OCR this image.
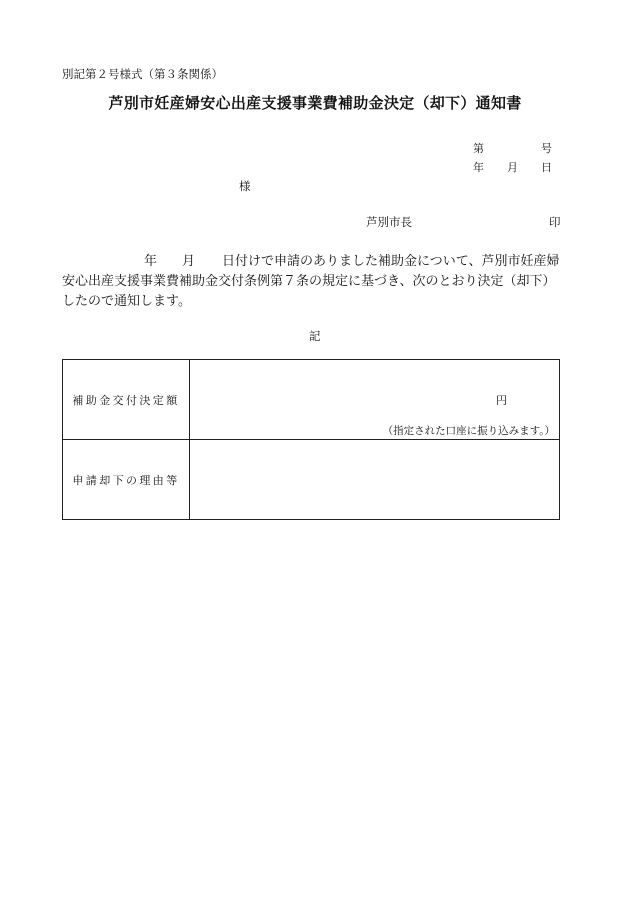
別記第２号様式（第３条関係）
芦別市妊産婦安心出産支援事業費補助金決定（却下）通知書
第	号
年 月 日
様
芦別市長	印
年 月 日付けで申請のありました補助金について、芦別市妊産婦
安心出産支援事業費補助金交付条例第７条の規定に基づき、次のとおり決定（却下）
したので通知します。
記
補助金交付決定額	円
（指定された口座に振り込みます。）

申請却下の理由等	
